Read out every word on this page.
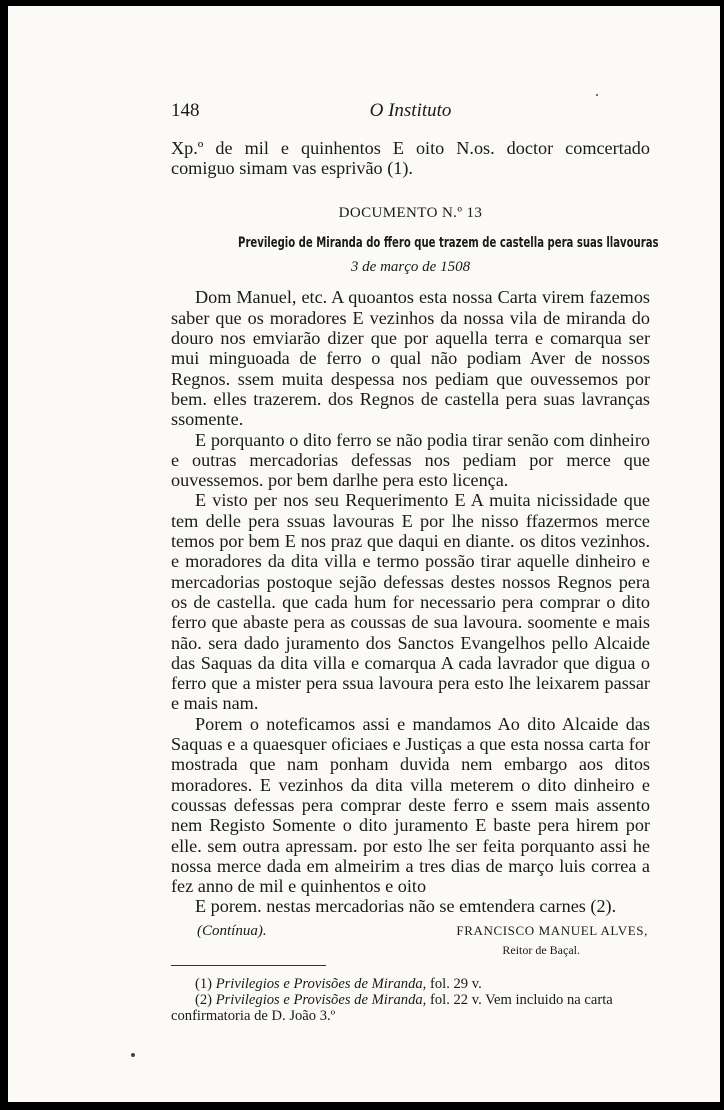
148	O Instituto

Xp.º de mil e quinhentos E oito N.os. doctor comcertado comiguo simam vas esprivão (1).

DOCUMENTO N.º 13
Previlegio de Miranda do ffero que trazem de castella pera suas llavouras
3 de março de 1508

Dom Manuel, etc. A quoantos esta nossa Carta virem fazemos saber que os moradores E vezinhos da nossa vila de miranda do douro nos emviarão dizer que por aquella terra e comarqua ser mui minguoada de ferro o qual não podiam Aver de nossos Regnos. ssem muita despessa nos pediam que ouvessemos por bem. elles trazerem. dos Regnos de castella pera suas lavranças ssomente.

E porquanto o dito ferro se não podia tirar senão com dinheiro e outras mercadorias defessas nos pediam por merce que ouvessemos. por bem darlhe pera esto licença.

E visto per nos seu Requerimento E A muita nicissidade que tem delle pera ssuas lavouras E por lhe nisso ffazermos merce temos por bem E nos praz que daqui en diante. os ditos vezinhos. e moradores da dita villa e termo possão tirar aquelle dinheiro e mercadorias postoque sejão defessas destes nossos Regnos pera os de castella. que cada hum for necessario pera comprar o dito ferro que abaste pera as coussas de sua lavoura. soomente e mais não. sera dado juramento dos Sanctos Evangelhos pello Alcaide das Saquas da dita villa e comarqua A cada lavrador que digua o ferro que a mister pera ssua lavoura pera esto lhe leixarem passar e mais nam.

Porem o noteficamos assi e mandamos Ao dito Alcaide das Saquas e a quaesquer oficiaes e Justiças a que esta nossa carta for mostrada que nam ponham duvida nem embargo aos ditos moradores. E vezinhos da dita villa meterem o dito dinheiro e coussas defessas pera comprar deste ferro e ssem mais assento nem Registo Somente o dito juramento E baste pera hirem por elle. sem outra apressam. por esto lhe ser feita porquanto assi he nossa merce dada em almeirim a tres dias de março luis correa a fez anno de mil e quinhentos e oito

E porem. nestas mercadorias não se emtendera carnes (2).

(Contínua).	FRANCISCO MANUEL ALVES,
Reitor de Baçal.

(1) Privilegios e Provisões de Miranda, fol. 29 v.

(2) Privilegios e Provisões de Miranda, fol. 22 v. Vem incluido na carta confirmatoria de D. João 3.º
